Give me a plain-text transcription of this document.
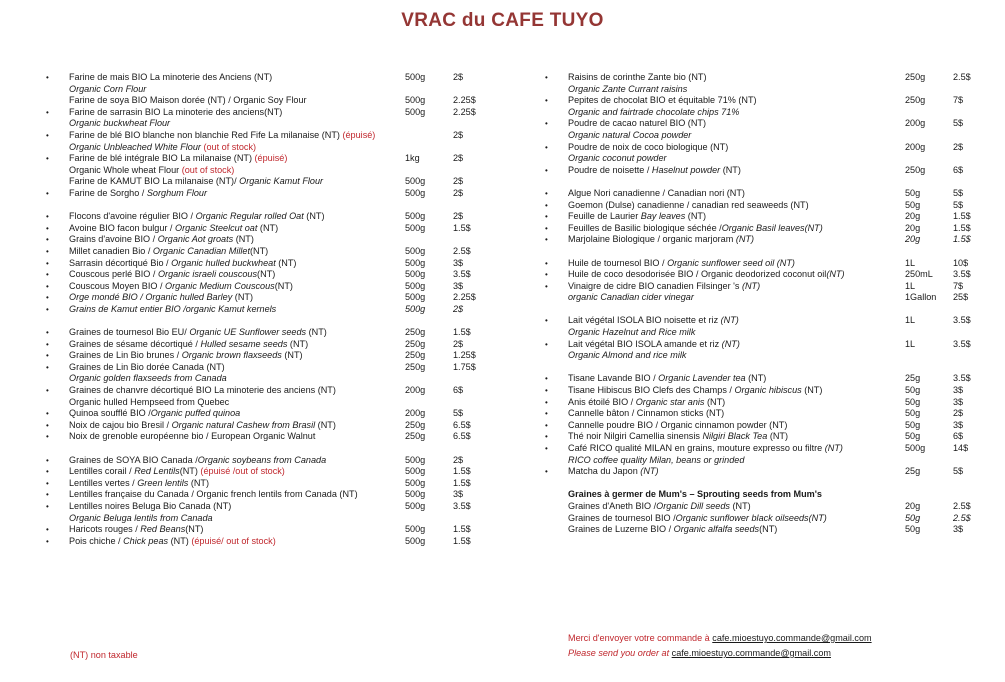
VRAC du CAFE TUYO
• Farine de mais BIO La minoterie des Anciens (NT)	500g	2$
Organic Corn Flour
Farine de soya BIO Maison dorée (NT) / Organic Soy Flour	500g	2.25$
• Farine de sarrasin BIO La minoterie des anciens(NT)	500g	2.25$
Organic buckwheat Flour
• Farine de blé BIO blanche non blanchie Red Fife La milanaise (NT) (épuisé)	2$
Organic Unbleached White Flour (out of stock)
• Farine de blé intégrale BIO La milanaise (NT) (épuisé)	1kg	2$
Organic Whole wheat Flour (out of stock)
Farine de KAMUT BIO La milanaise (NT)/ Organic Kamut Flour	500g	2$
• Farine de Sorgho / Sorghum Flour	500g	2$
• Flocons d'avoine régulier BIO / Organic Regular rolled Oat (NT)	500g	2$
• Avoine BIO facon bulgur / Organic Steelcut oat (NT)	500g	1.5$
• Grains d'avoine BIO / Organic Aot groats (NT)
• Millet canadien Bio / Organic Canadian Millet(NT)	500g	2.5$
• Sarrasin décortiqué Bio / Organic hulled buckwheat (NT)	500g	3$
• Couscous perlé BIO / Organic israeli couscous(NT)	500g	3.5$
• Couscous Moyen BIO / Organic Medium Couscous(NT)	500g	3$
• Orge mondé BIO / Organic hulled Barley (NT)	500g	2.25$
• Grains de Kamut entier BIO /organic Kamut kernels	500g	2$
• Graines de tournesol Bio EU/ Organic UE Sunflower seeds (NT)	250g	1.5$
• Graines de sésame décortiqué / Hulled sesame seeds (NT)	250g	2$
• Graines de Lin Bio brunes / Organic brown flaxseeds (NT)	250g	1.25$
• Graines de Lin Bio dorée Canada (NT)	250g	1.75$
Organic golden flaxseeds from Canada
• Graines de chanvre décortiqué BIO La minoterie des anciens (NT)	200g	6$
Organic hulled Hempseed from Quebec
• Quinoa soufflé BIO /Organic puffed quinoa	200g	5$
• Noix de cajou bio Bresil / Organic natural Cashew from Brasil (NT)	250g	6.5$
• Noix de grenoble européenne bio / European Organic Walnut	250g	6.5$
• Graines de SOYA BIO Canada /Organic soybeans from Canada	500g	2$
• Lentilles corail / Red Lentils(NT) (épuisé /out of stock)	500g	1.5$
• Lentilles vertes / Green lentils (NT)	500g	1.5$
• Lentilles française du Canada / Organic french lentils from Canada (NT)	500g	3$
• Lentilles noires Beluga Bio Canada (NT)	500g	3.5$
Organic Beluga lentils from Canada
• Haricots rouges / Red Beans(NT)	500g	1.5$
• Pois chiche / Chick peas (NT) (épuisé/ out of stock)	500g	1.5$
• Raisins de corinthe Zante bio (NT)	250g	2.5$
Organic Zante Currant raisins
• Pepites de chocolat BIO et équitable 71% (NT)	250g	7$
Organic and fairtrade chocolate chips 71%
• Poudre de cacao naturel BIO (NT)	200g	5$
Organic natural Cocoa powder
• Poudre de noix de coco biologique (NT)	200g	2$
Organic coconut powder
• Poudre de noisette / Haselnut powder (NT)	250g	6$
• Algue Nori canadienne / Canadian nori (NT)	50g	5$
• Goemon (Dulse) canadienne / canadian red seaweeds (NT)	50g	5$
• Feuille de Laurier Bay leaves (NT)	20g	1.5$
• Feuilles de Basilic biologique séchée /Organic Basil leaves(NT)	20g	1.5$
• Marjolaine Biologique / organic marjoram (NT)	20g	1.5$
• Huile de tournesol BIO / Organic sunflower seed oil (NT)	1L	10$
• Huile de coco desodorisée BIO / Organic deodorized coconut oil(NT)	250mL 3.5$
• Vinaigre de cidre BIO canadien Filsinger 's (NT)	1L	7$
organic Canadian cider vinegar	1Gallon 25$
• Lait végétal ISOLA BIO noisette et riz (NT)	1L	3.5$
Organic Hazelnut and Rice milk
• Lait végétal BIO ISOLA amande et riz (NT)	1L	3.5$
Organic Almond and rice milk
• Tisane Lavande BIO / Organic Lavender tea (NT)	25g	3.5$
• Tisane Hibiscus BIO Clefs des Champs / Organic hibiscus (NT)	50g	3$
• Anis étoilé BIO / Organic star anis (NT)	50g	3$
• Cannelle bâton / Cinnamon sticks (NT)	50g	2$
• Cannelle poudre BIO / Organic cinnamon powder (NT)	50g	3$
• Thé noir Nilgiri Camellia sinensis Nilgiri Black Tea (NT)	50g	6$
• Café RICO qualité MILAN en grains, mouture expresso ou filtre (NT)	500g	14$
RICO coffee quality Milan, beans or grinded
• Matcha du Japon (NT)	25g	5$
Graines à germer de Mum's – Sprouting seeds from Mum's
Graines d'Aneth BIO /Organic Dill seeds (NT)	20g	2.5$
Graines de tournesol BIO /Organic sunflower black oilseeds(NT)	50g	2.5$
Graines de Luzerne BIO / Organic alfalfa seeds(NT)	50g	3$
(NT) non taxable
Merci d'envoyer votre commande à cafe.mioestuyo.commande@gmail.com
Please send you order at cafe.mioestuyo.commande@gmail.com
